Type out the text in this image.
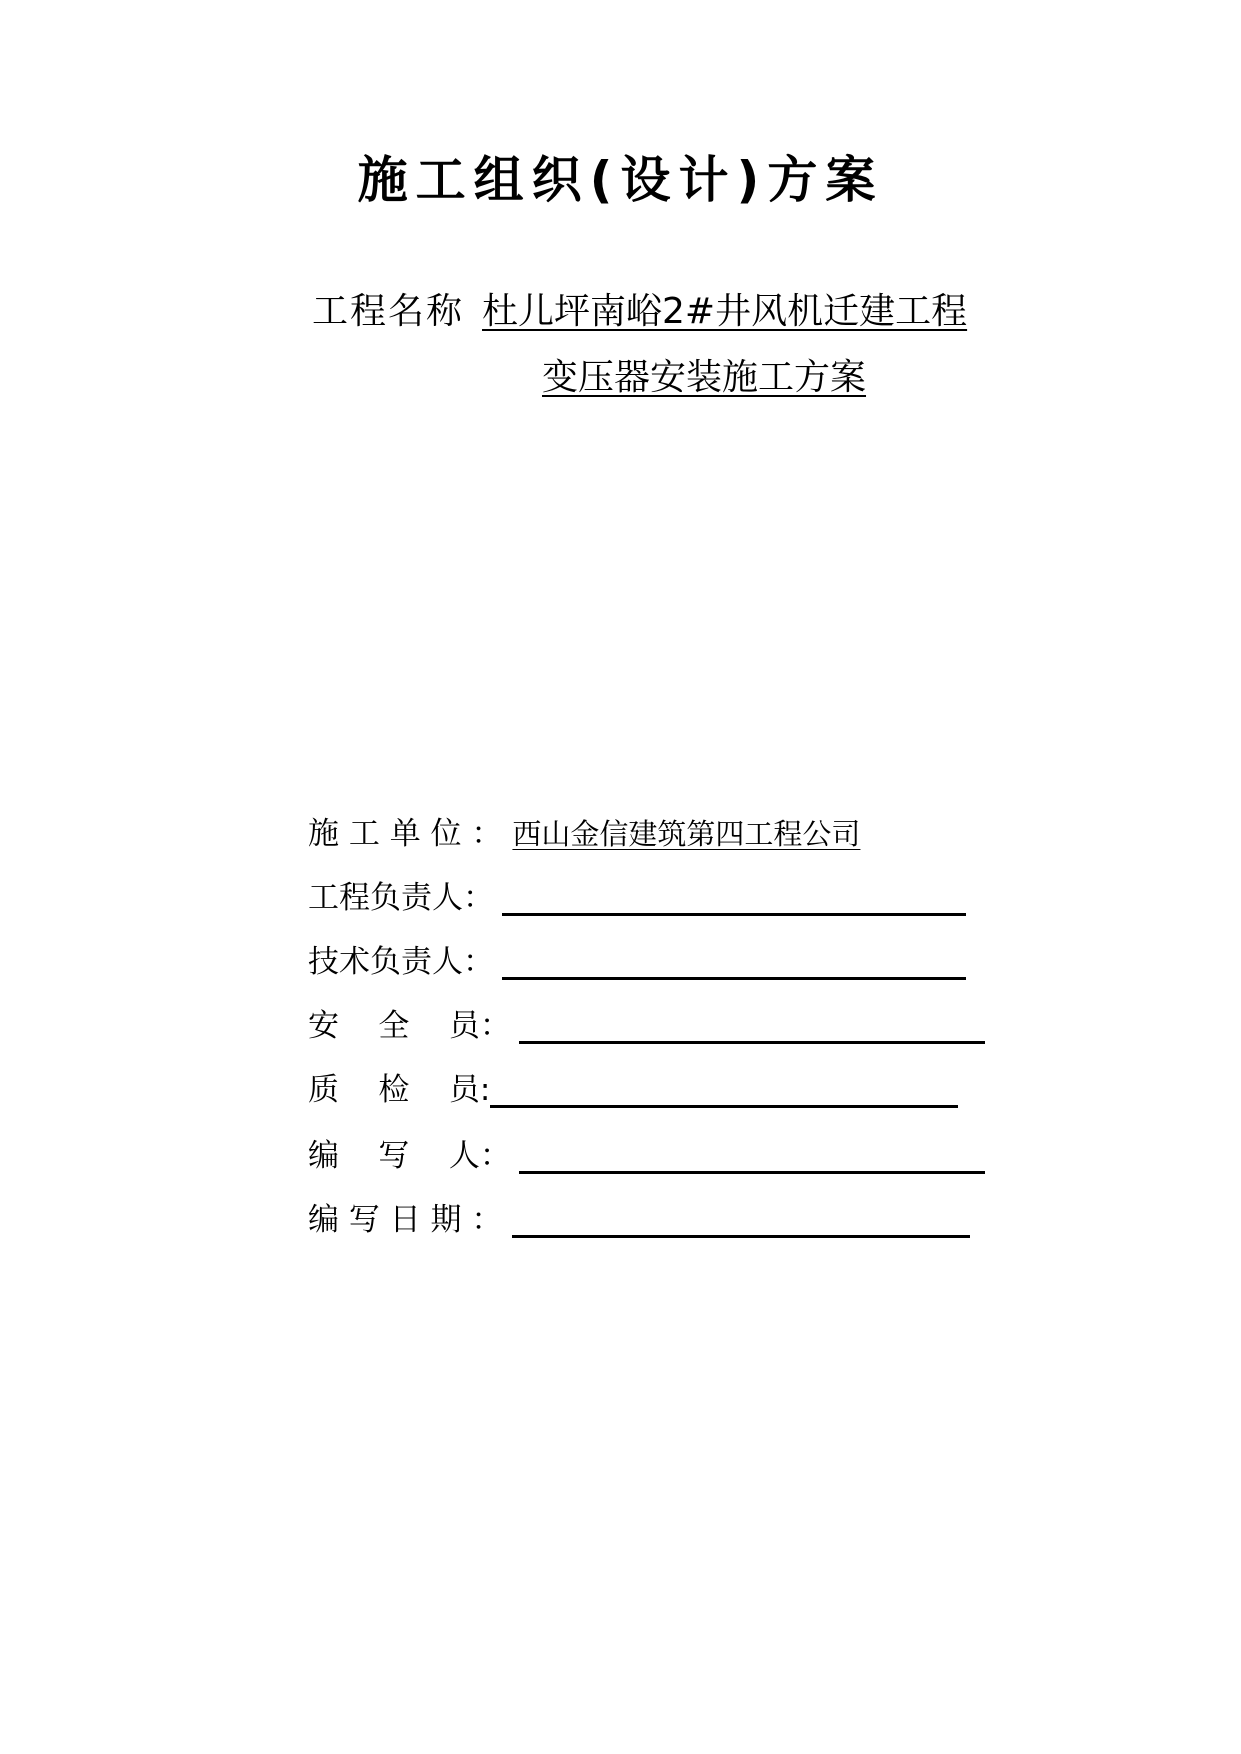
施工组织(设计)方案
工程名称 杜儿坪南峪2#井风机迁建工程
变压器安装施工方案
施 工 单 位 ： 西山金信建筑第四工程公司
工程负责人：
技术负责人：
安    全    员：
质    检    员:
编    写    人：
编 写 日 期 ：
